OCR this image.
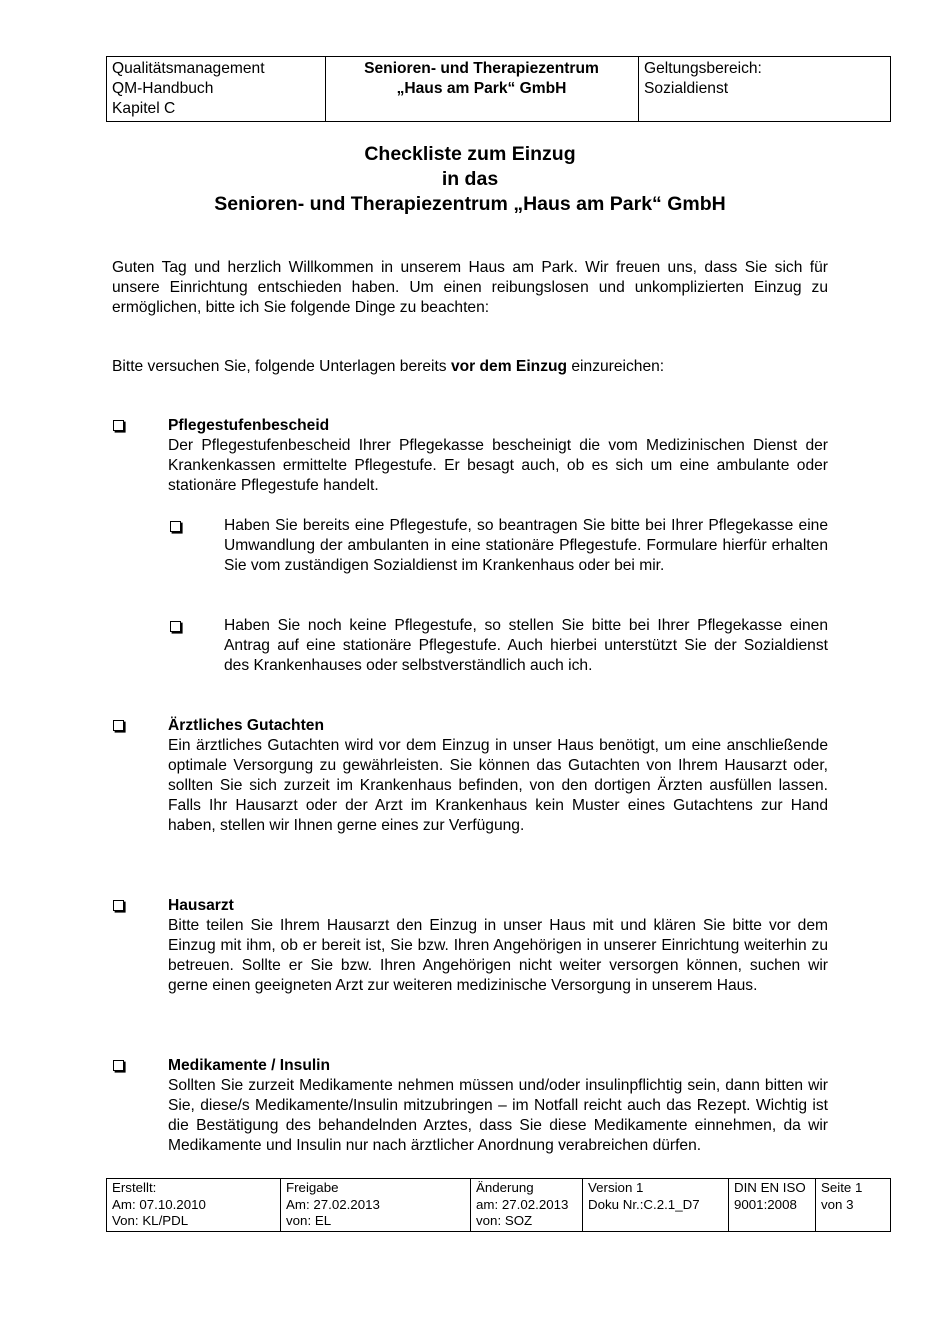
Qualitätsmanagement
QM-Handbuch
Kapitel C

Senioren- und Therapiezentrum
„Haus am Park“ GmbH

Geltungsbereich:
Sozialdienst
Checkliste zum Einzug
in das
Senioren- und Therapiezentrum „Haus am Park“ GmbH

Guten Tag und herzlich Willkommen in unserem Haus am Park. Wir freuen uns, dass Sie sich für unsere Einrichtung entschieden haben. Um einen reibungslosen und unkomplizierten Einzug zu ermöglichen, bitte ich Sie folgende Dinge zu beachten:

Bitte versuchen Sie, folgende Unterlagen bereits vor dem Einzug einzureichen:

Pflegestufenbescheid
Der Pflegestufenbescheid Ihrer Pflegekasse bescheinigt die vom Medizinischen Dienst der Krankenkassen ermittelte Pflegestufe. Er besagt auch, ob es sich um eine ambulante oder stationäre Pflegestufe handelt.
Haben Sie bereits eine Pflegestufe, so beantragen Sie bitte bei Ihrer Pflegekasse eine Umwandlung der ambulanten in eine stationäre Pflegestufe. Formulare hierfür erhalten Sie vom zuständigen Sozialdienst im Krankenhaus oder bei mir.
Haben Sie noch keine Pflegestufe, so stellen Sie bitte bei Ihrer Pflegekasse einen Antrag auf eine stationäre Pflegestufe. Auch hierbei unterstützt Sie der Sozialdienst des Krankenhauses oder selbstverständlich auch ich.
Ärztliches Gutachten
Ein ärztliches Gutachten wird vor dem Einzug in unser Haus benötigt, um eine anschließende optimale Versorgung zu gewährleisten. Sie können das Gutachten von Ihrem Hausarzt oder, sollten Sie sich zurzeit im Krankenhaus befinden, von den dortigen Ärzten ausfüllen lassen. Falls Ihr Hausarzt oder der Arzt im Krankenhaus kein Muster eines Gutachtens zur Hand haben, stellen wir Ihnen gerne eines zur Verfügung.
Hausarzt
Bitte teilen Sie Ihrem Hausarzt den Einzug in unser Haus mit und klären Sie bitte vor dem Einzug mit ihm, ob er bereit ist, Sie bzw. Ihren Angehörigen in unserer Einrichtung weiterhin zu betreuen. Sollte er Sie bzw. Ihren Angehörigen nicht weiter versorgen können, suchen wir gerne einen geeigneten Arzt zur weiteren medizinische Versorgung in unserem Haus.
Medikamente / Insulin
Sollten Sie zurzeit Medikamente nehmen müssen und/oder insulinpflichtig sein, dann bitten wir Sie, diese/s Medikamente/Insulin mitzubringen – im Notfall reicht auch das Rezept. Wichtig ist die Bestätigung des behandelnden Arztes, dass Sie diese Medikamente einnehmen, da wir Medikamente und Insulin nur nach ärztlicher Anordnung verabreichen dürfen.
Erstellt:
Am: 07.10.2010
Von: KL/PDL

Freigabe
Am: 27.02.2013
von: EL

Änderung
am: 27.02.2013
von: SOZ

Version 1
Doku Nr.:C.2.1_D7

DIN EN ISO
9001:2008

Seite 1
von 3
